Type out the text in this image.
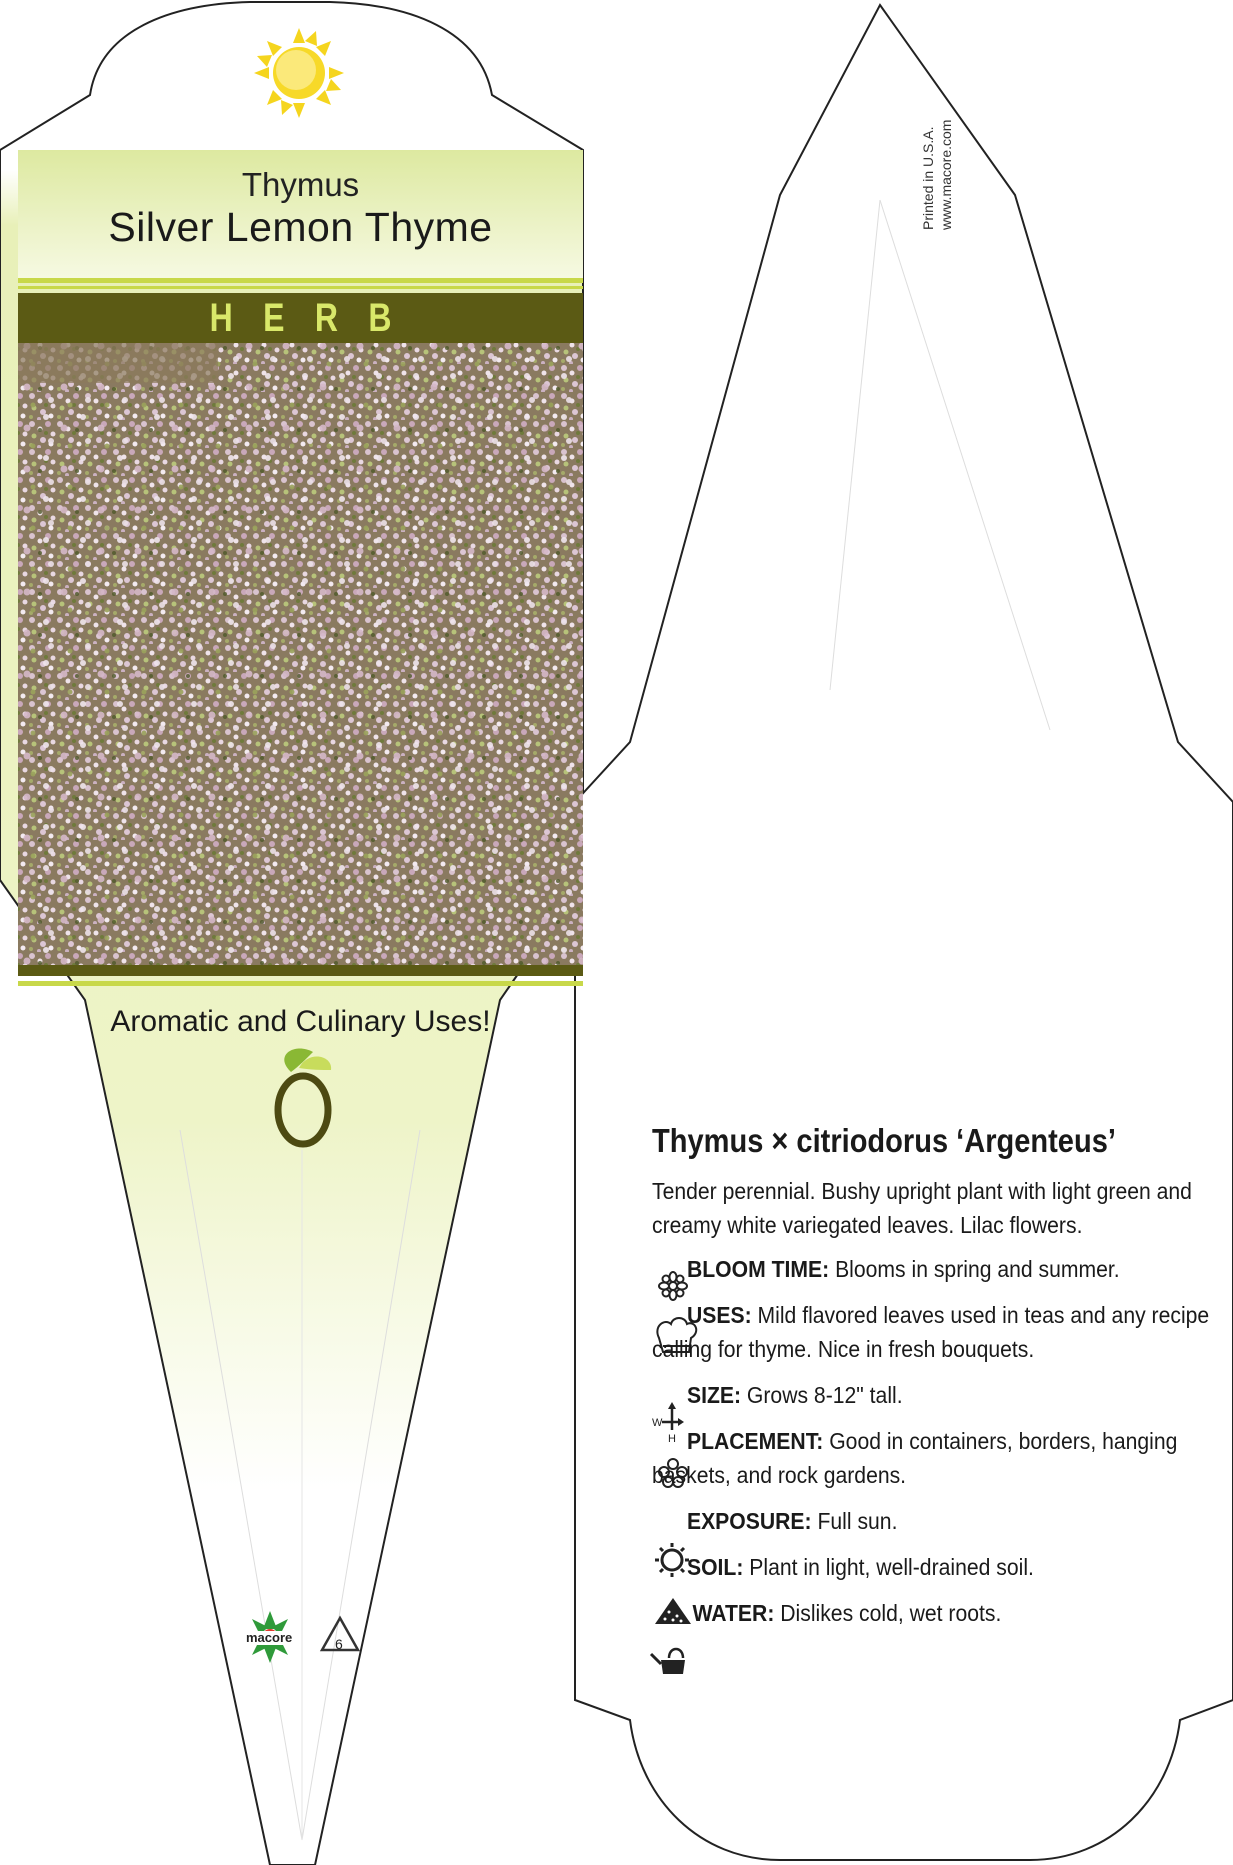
W
H
Thymus
Silver Lemon Thyme
HERB
Aromatic and Culinary Uses!
macore	6
Printed in U.S.A. www.macore.com
Thymus × citriodorus ‘Argenteus’
Tender perennial. Bushy upright plant with light green and creamy white variegated leaves. Lilac flowers.
BLOOM TIME: Blooms in spring and summer.
USES: Mild flavored leaves used in teas and any recipe calling for thyme. Nice in fresh bouquets.
SIZE: Grows 8-12" tall.
PLACEMENT: Good in containers, borders, hanging baskets, and rock gardens.
EXPOSURE: Full sun.
SOIL: Plant in light, well-drained soil.
WATER: Dislikes cold, wet roots.
